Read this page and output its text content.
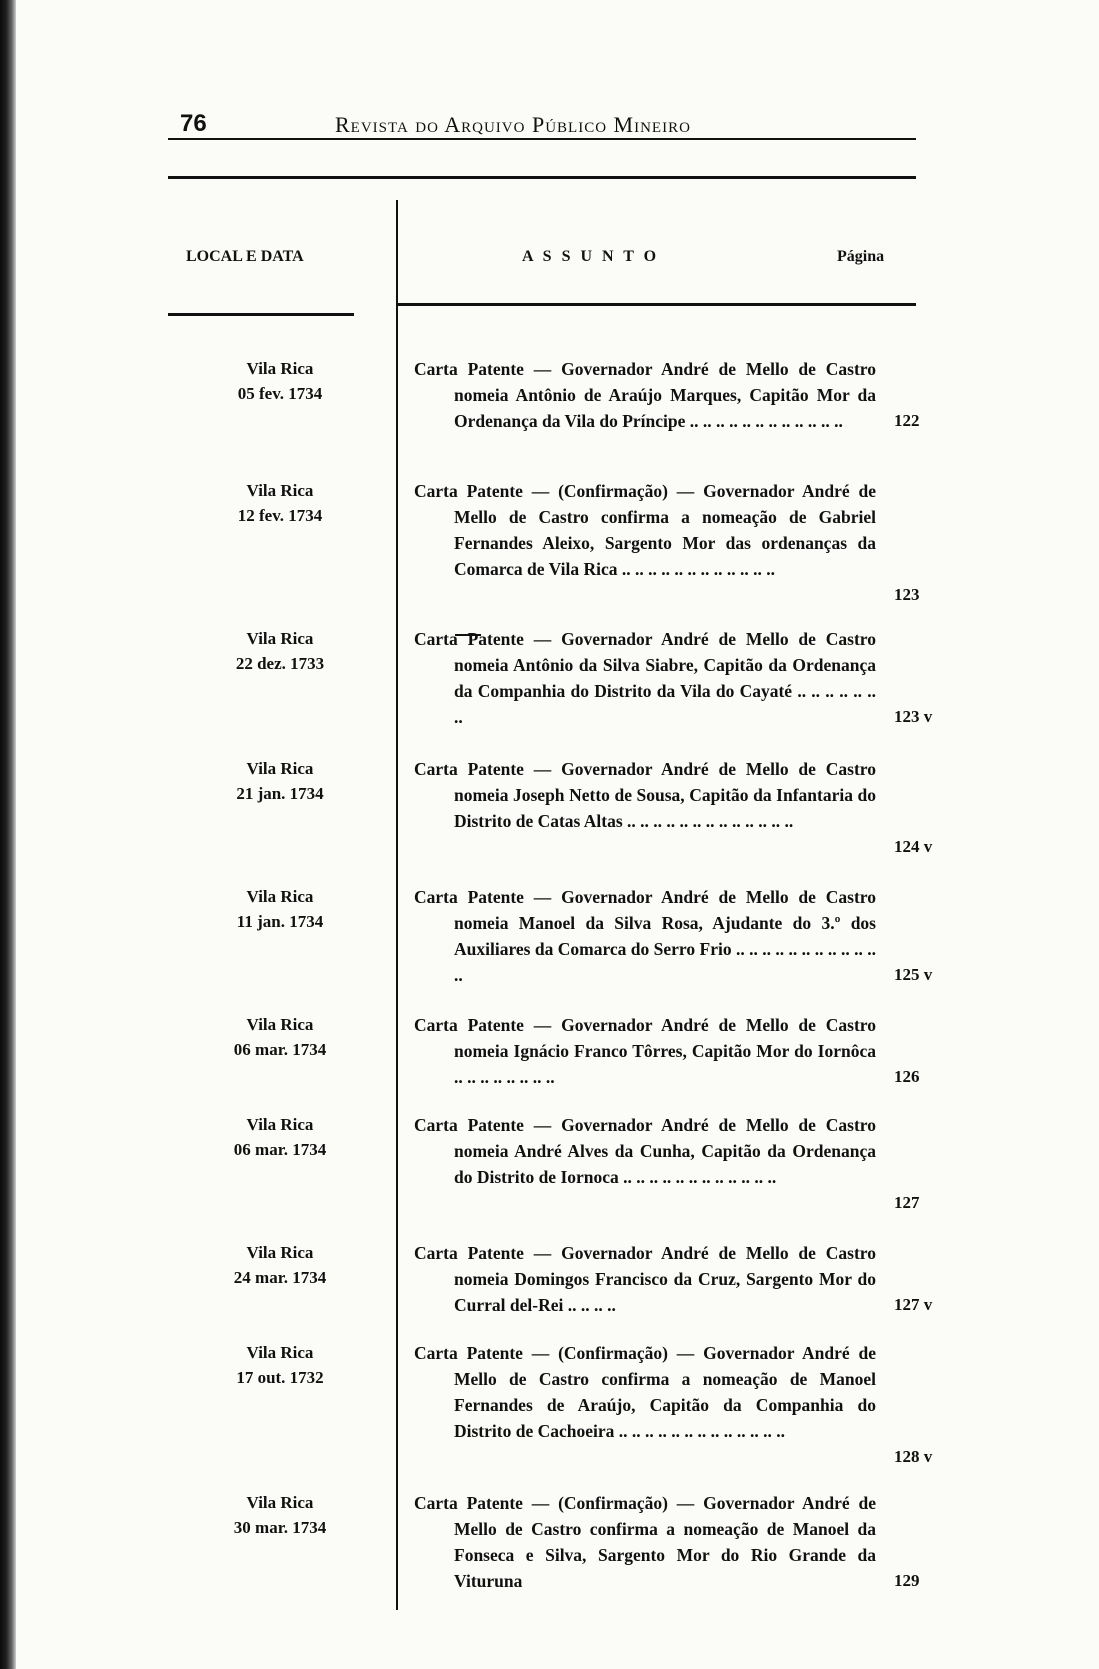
76	Revista do Arquivo Público Mineiro
LOCAL E DATA	A S S U N T O	Página
Vila Rica
05 fev. 1734

Carta Patente — Governador André de Mello de Castro nomeia Antônio de Araújo Marques, Capitão Mor da Ordenança da Vila do Príncipe .. .. .. .. .. .. .. .. .. .. .. ..	122
Vila Rica
12 fev. 1734

Carta Patente — (Confirmação) — Governador André de Mello de Castro confirma a nomeação de Gabriel Fernandes Aleixo, Sargento Mor das ordenanças da Comarca de Vila Rica .. .. .. .. .. .. .. .. .. .. .. ..

123
Vila Rica
22 dez. 1733

Carta Patente — Governador André de Mello de Castro nomeia Antônio da Silva Siabre, Capitão da Ordenança da Companhia do Distrito da Vila do Cayaté .. .. .. .. .. .. ..	123 v
Vila Rica
21 jan. 1734

Carta Patente — Governador André de Mello de Castro nomeia Joseph Netto de Sousa, Capitão da Infantaria do Distrito de Catas Altas .. .. .. .. .. .. .. .. .. .. .. .. ..

124 v
Vila Rica
11 jan. 1734

Carta Patente — Governador André de Mello de Castro nomeia Manoel da Silva Rosa, Ajudante do 3.º dos Auxiliares da Comarca do Serro Frio .. .. .. .. .. .. .. .. .. .. .. ..	125 v
Vila Rica
06 mar. 1734

Carta Patente — Governador André de Mello de Castro nomeia Ignácio Franco Tôrres, Capitão Mor do Iornôca .. .. .. .. .. .. .. ..	126
Vila Rica
06 mar. 1734

Carta Patente — Governador André de Mello de Castro nomeia André Alves da Cunha, Capitão da Ordenança do Distrito de Iornoca .. .. .. .. .. .. .. .. .. .. .. ..

127
Vila Rica
24 mar. 1734

Carta Patente — Governador André de Mello de Castro nomeia Domingos Francisco da Cruz, Sargento Mor do Curral del-Rei .. .. .. ..	127 v
Vila Rica
17 out. 1732

Carta Patente — (Confirmação) — Governador André de Mello de Castro confirma a nomeação de Manoel Fernandes de Araújo, Capitão da Companhia do Distrito de Cachoeira .. .. .. .. .. .. .. .. .. .. .. .. ..

128 v
Vila Rica
30 mar. 1734

Carta Patente — (Confirmação) — Governador André de Mello de Castro confirma a nomeação de Manoel da Fonseca e Silva, Sargento Mor do Rio Grande da Vituruna	129
